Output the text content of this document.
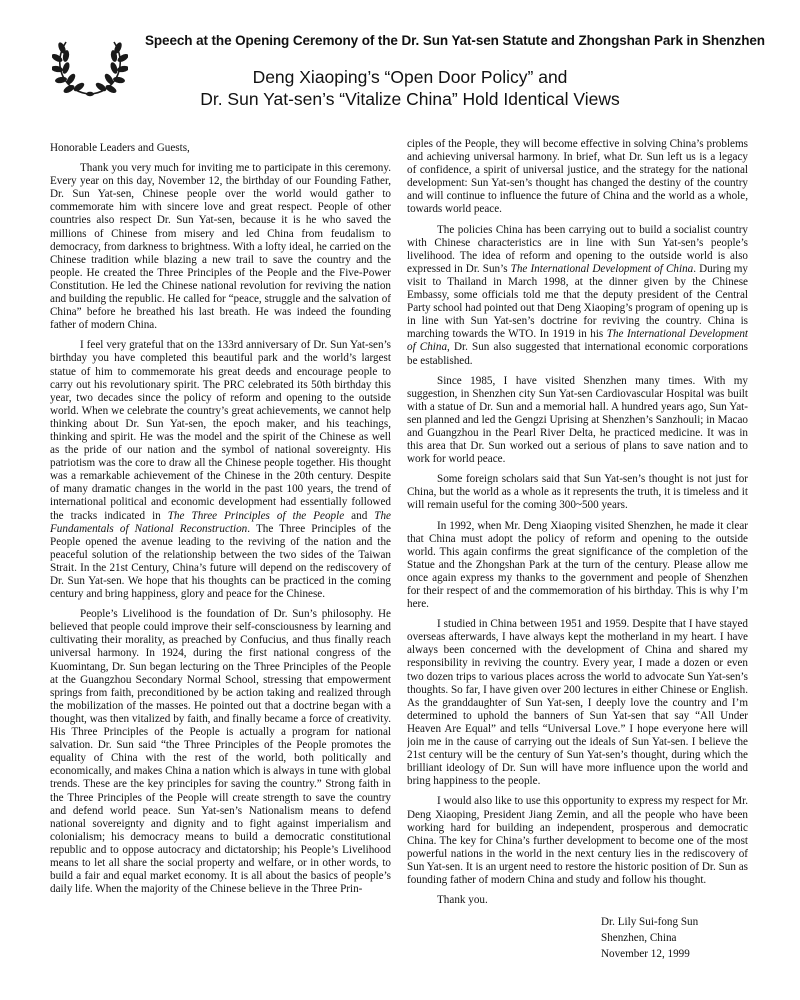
Speech at the Opening Ceremony of the Dr. Sun Yat-sen Statute and Zhongshan Park in Shenzhen
Deng Xiaoping’s “Open Door Policy” and
Dr. Sun Yat-sen’s “Vitalize China” Hold Identical Views

Honorable Leaders and Guests,

Thank you very much for inviting me to participate in this ceremony. Every year on this day, November 12, the birthday of our Founding Father, Dr. Sun Yat-sen, Chinese people over the world would gather to commemorate him with sincere love and great respect. People of other countries also respect Dr. Sun Yat-sen, because it is he who saved the millions of Chinese from misery and led China from feudalism to democracy, from darkness to brightness. With a lofty ideal, he carried on the Chinese tradition while blazing a new trail to save the country and the people. He created the Three Principles of the People and the Five-Power Constitution. He led the Chinese national revolution for reviving the nation and building the republic. He called for “peace, struggle and the salvation of China” before he breathed his last breath. He was indeed the founding father of modern China.

I feel very grateful that on the 133rd anniversary of Dr. Sun Yat-sen’s birthday you have completed this beautiful park and the world’s largest statue of him to commemorate his great deeds and encourage people to carry out his revolutionary spirit. The PRC celebrated its 50th birthday this year, two decades since the policy of reform and opening to the outside world. When we celebrate the country’s great achievements, we cannot help thinking about Dr. Sun Yat-sen, the epoch maker, and his teachings, thinking and spirit. He was the model and the spirit of the Chinese as well as the pride of our nation and the symbol of national sovereignty. His patriotism was the core to draw all the Chinese people together. His thought was a remarkable achievement of the Chinese in the 20th century. Despite of many dramatic changes in the world in the past 100 years, the trend of international political and economic development had essentially followed the tracks indicated in The Three Principles of the People and The Fundamentals of National Reconstruction. The Three Principles of the People opened the avenue leading to the reviving of the nation and the peaceful solution of the relationship between the two sides of the Taiwan Strait. In the 21st Century, China’s future will depend on the rediscovery of Dr. Sun Yat-sen. We hope that his thoughts can be practiced in the coming century and bring happiness, glory and peace for the Chinese.

People’s Livelihood is the foundation of Dr. Sun’s philosophy. He believed that people could improve their self-consciousness by learning and cultivating their morality, as preached by Confucius, and thus finally reach universal harmony. In 1924, during the first national congress of the Kuomintang, Dr. Sun began lecturing on the Three Principles of the People at the Guangzhou Secondary Normal School, stressing that empowerment springs from faith, preconditioned by be action taking and realized through the mobilization of the masses. He pointed out that a doctrine began with a thought, was then vitalized by faith, and finally became a force of creativity. His Three Principles of the People is actually a program for national salvation. Dr. Sun said “the Three Principles of the People promotes the equality of China with the rest of the world, both politically and economically, and makes China a nation which is always in tune with global trends. These are the key principles for saving the country.” Strong faith in the Three Principles of the People will create strength to save the country and defend world peace. Sun Yat-sen’s Nationalism means to defend national sovereignty and dignity and to fight against imperialism and colonialism; his democracy means to build a democratic constitutional republic and to oppose autocracy and dictatorship; his People’s Livelihood means to let all share the social property and welfare, or in other words, to build a fair and equal market economy. It is all about the basics of people’s daily life. When the majority of the Chinese believe in the Three Prin-

ciples of the People, they will become effective in solving China’s problems and achieving universal harmony. In brief, what Dr. Sun left us is a legacy of confidence, a spirit of universal justice, and the strategy for the national development: Sun Yat-sen’s thought has changed the destiny of the country and will continue to influence the future of China and the world as a whole, towards world peace.

The policies China has been carrying out to build a socialist country with Chinese characteristics are in line with Sun Yat-sen’s people’s livelihood. The idea of reform and opening to the outside world is also expressed in Dr. Sun’s The International Development of China. During my visit to Thailand in March 1998, at the dinner given by the Chinese Embassy, some officials told me that the deputy president of the Central Party school had pointed out that Deng Xiaoping’s program of opening up is in line with Sun Yat-sen’s doctrine for reviving the country. China is marching towards the WTO. In 1919 in his The International Development of China, Dr. Sun also suggested that international economic corporations be established.

Since 1985, I have visited Shenzhen many times. With my suggestion, in Shenzhen city Sun Yat-sen Cardiovascular Hospital was built with a statue of Dr. Sun and a memorial hall. A hundred years ago, Sun Yat-sen planned and led the Gengzi Uprising at Shenzhen’s Sanzhouli; in Macao and Guangzhou in the Pearl River Delta, he practiced medicine. It was in this area that Dr. Sun worked out a serious of plans to save nation and to work for world peace.

Some foreign scholars said that Sun Yat-sen’s thought is not just for China, but the world as a whole as it represents the truth, it is timeless and it will remain useful for the coming 300~500 years.

In 1992, when Mr. Deng Xiaoping visited Shenzhen, he made it clear that China must adopt the policy of reform and opening to the outside world. This again confirms the great significance of the completion of the Statue and the Zhongshan Park at the turn of the century. Please allow me once again express my thanks to the government and people of Shenzhen for their respect of and the commemoration of his birthday. This is why I’m here.

I studied in China between 1951 and 1959. Despite that I have stayed overseas afterwards, I have always kept the motherland in my heart. I have always been concerned with the development of China and shared my responsibility in reviving the country. Every year, I made a dozen or even two dozen trips to various places across the world to advocate Sun Yat-sen’s thoughts. So far, I have given over 200 lectures in either Chinese or English. As the granddaughter of Sun Yat-sen, I deeply love the country and I’m determined to uphold the banners of Sun Yat-sen that say “All Under Heaven Are Equal” and tells “Universal Love.” I hope everyone here will join me in the cause of carrying out the ideals of Sun Yat-sen. I believe the 21st century will be the century of Sun Yat-sen’s thought, during which the brilliant ideology of Dr. Sun will have more influence upon the world and bring happiness to the people.

I would also like to use this opportunity to express my respect for Mr. Deng Xiaoping, President Jiang Zemin, and all the people who have been working hard for building an independent, prosperous and democratic China. The key for China’s further development to become one of the most powerful nations in the world in the next century lies in the rediscovery of Sun Yat-sen. It is an urgent need to restore the historic position of Dr. Sun as founding father of modern China and study and follow his thought.

Thank you.

Dr. Lily Sui-fong Sun
Shenzhen, China
November 12, 1999
